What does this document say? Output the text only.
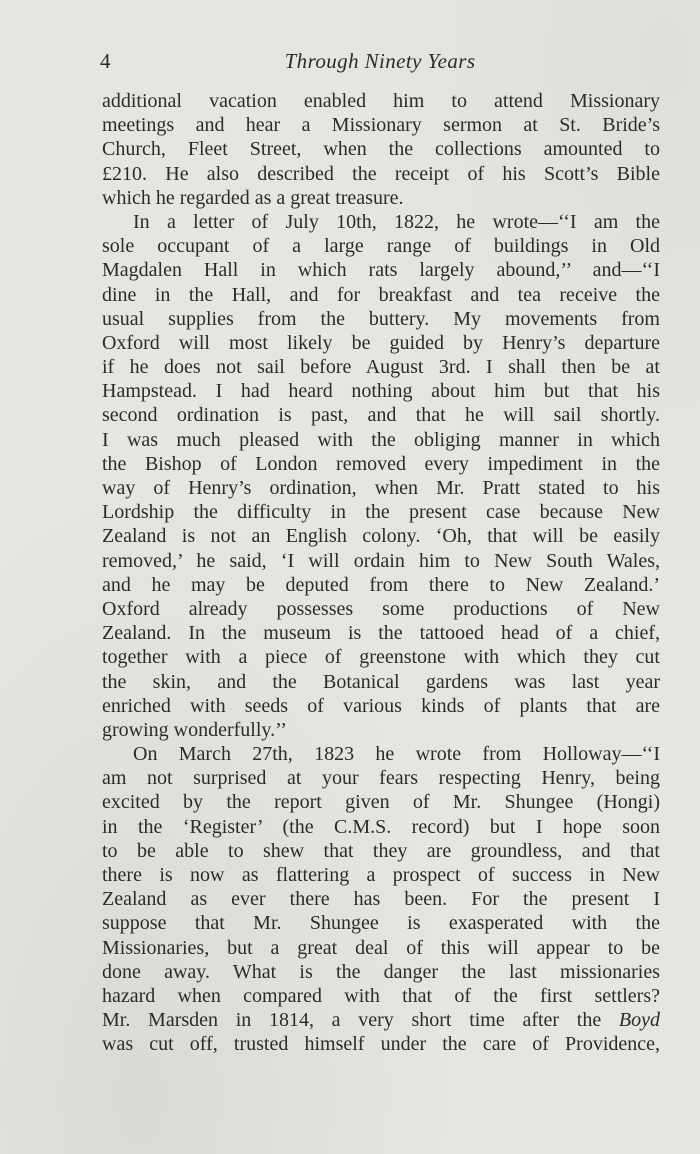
4	Through Ninety Years
additional vacation enabled him to attend Missionary
meetings and hear a Missionary sermon at St. Bride’s
Church, Fleet Street, when the collections amounted to
£210. He also described the receipt of his Scott’s Bible
which he regarded as a great treasure.
In a letter of July 10th, 1822, he wrote—‘‘I am the
sole occupant of a large range of buildings in Old
Magdalen Hall in which rats largely abound,’’ and—‘‘I
dine in the Hall, and for breakfast and tea receive the
usual supplies from the buttery. My movements from
Oxford will most likely be guided by Henry’s departure
if he does not sail before August 3rd. I shall then be at
Hampstead. I had heard nothing about him but that his
second ordination is past, and that he will sail shortly.
I was much pleased with the obliging manner in which
the Bishop of London removed every impediment in the
way of Henry’s ordination, when Mr. Pratt stated to his
Lordship the difficulty in the present case because New
Zealand is not an English colony. ‘Oh, that will be easily
removed,’ he said, ‘I will ordain him to New South Wales,
and he may be deputed from there to New Zealand.’
Oxford already possesses some productions of New
Zealand. In the museum is the tattooed head of a chief,
together with a piece of greenstone with which they cut
the skin, and the Botanical gardens was last year
enriched with seeds of various kinds of plants that are
growing wonderfully.’’
On March 27th, 1823 he wrote from Holloway—‘‘I
am not surprised at your fears respecting Henry, being
excited by the report given of Mr. Shungee (Hongi)
in the ‘Register’ (the C.M.S. record) but I hope soon
to be able to shew that they are groundless, and that
there is now as flattering a prospect of success in New
Zealand as ever there has been. For the present I
suppose that Mr. Shungee is exasperated with the
Missionaries, but a great deal of this will appear to be
done away. What is the danger the last missionaries
hazard when compared with that of the first settlers?
Mr. Marsden in 1814, a very short time after the Boyd
was cut off, trusted himself under the care of Providence,
